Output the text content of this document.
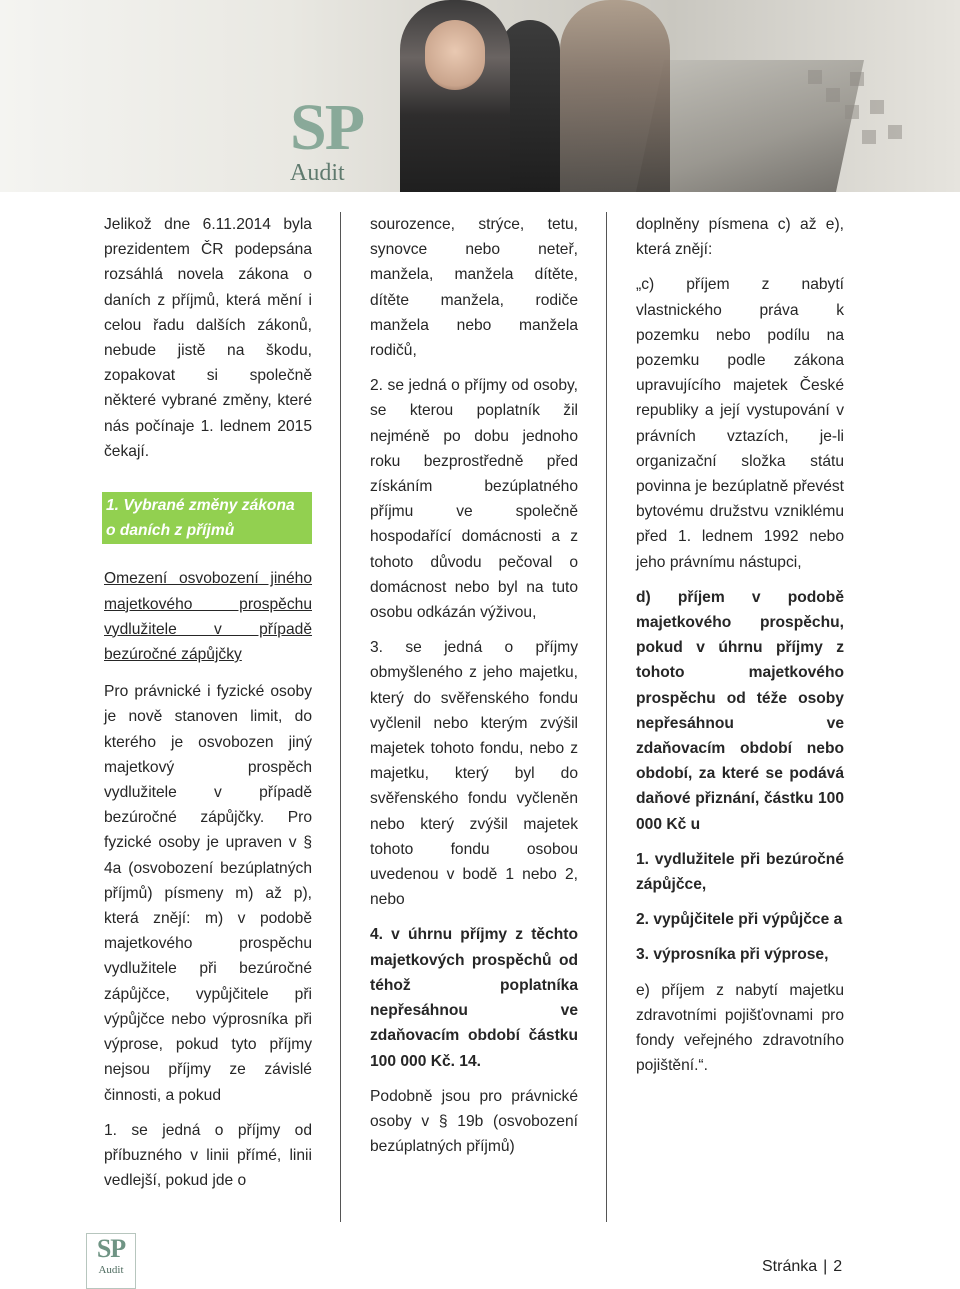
SP
Audit

Jelikož dne 6.11.2014 byla prezidentem ČR podepsána rozsáhlá novela zákona o daních z příjmů, která mění i celou řadu dalších zákonů, nebude jistě na škodu, zopakovat si společně některé vybrané změny, které nás počínaje 1. lednem 2015 čekají.

1. Vybrané změny zákona o daních z příjmů

Omezení osvobození jiného majetkového prospěchu vydlužitele v případě bezúročné zápůjčky

Pro právnické i fyzické osoby je nově stanoven limit, do kterého je osvobozen jiný majetkový prospěch vydlužitele v případě bezúročné zápůjčky. Pro fyzické osoby je upraven v § 4a (osvobození bezúplatných příjmů) písmeny m) až p), která znějí: m) v podobě majetkového prospěchu vydlužitele při bezúročné zápůjčce, vypůjčitele při výpůjčce nebo výprosníka při výprose, pokud tyto příjmy nejsou příjmy ze závislé činnosti, a pokud

1. se jedná o příjmy od příbuzného v linii přímé, linii vedlejší, pokud jde o

sourozence, strýce, tetu, synovce nebo neteř, manžela, manžela dítěte, dítěte manžela, rodiče manžela nebo manžela rodičů,

2. se jedná o příjmy od osoby, se kterou poplatník žil nejméně po dobu jednoho roku bezprostředně před získáním bezúplatného příjmu ve společně hospodařící domácnosti a z tohoto důvodu pečoval o domácnost nebo byl na tuto osobu odkázán výživou,

3. se jedná o příjmy obmyšleného z jeho majetku, který do svěřenského fondu vyčlenil nebo kterým zvýšil majetek tohoto fondu, nebo z majetku, který byl do svěřenského fondu vyčleněn nebo který zvýšil majetek tohoto fondu osobou uvedenou v bodě 1 nebo 2, nebo

4. v úhrnu příjmy z těchto majetkových prospěchů od téhož poplatníka nepřesáhnou ve zdaňovacím období částku 100 000 Kč. 14.

Podobně jsou pro právnické osoby v § 19b (osvobození bezúplatných příjmů)

doplněny písmena c) až e), která znějí:

„c) příjem z nabytí vlastnického práva k pozemku nebo podílu na pozemku podle zákona upravujícího majetek České republiky a její vystupování v právních vztazích, je-li organizační složka státu povinna je bezúplatně převést bytovému družstvu vzniklému před 1. lednem 1992 nebo jeho právnímu nástupci,

d) příjem v podobě majetkového prospěchu, pokud v úhrnu příjmy z tohoto majetkového prospěchu od téže osoby nepřesáhnou ve zdaňovacím období nebo období, za které se podává daňové přiznání, částku 100 000 Kč u

1. vydlužitele při bezúročné zápůjčce,

2. vypůjčitele při výpůjčce a

3. výprosníka při výprose,

e) příjem z nabytí majetku zdravotními pojišťovnami pro fondy veřejného zdravotního pojištění.“.

SP
Audit	Stránka | 2
